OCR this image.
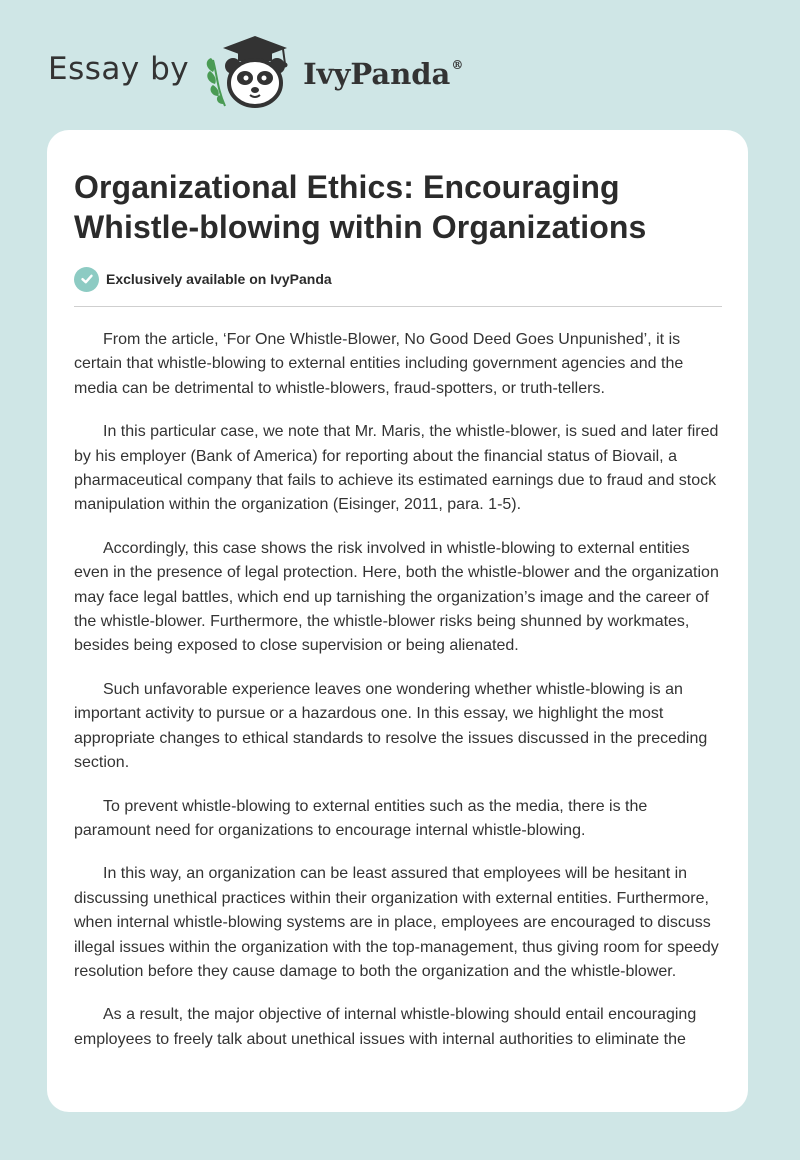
Essay by	IvyPanda®
Organizational Ethics: Encouraging Whistle-blowing within Organizations
Exclusively available on IvyPanda

From the article, ‘For One Whistle-Blower, No Good Deed Goes Unpunished’, it is certain that whistle-blowing to external entities including government agencies and the media can be detrimental to whistle-blowers, fraud-spotters, or truth-tellers.

In this particular case, we note that Mr. Maris, the whistle-blower, is sued and later fired by his employer (Bank of America) for reporting about the financial status of Biovail, a pharmaceutical company that fails to achieve its estimated earnings due to fraud and stock manipulation within the organization (Eisinger, 2011, para. 1-5).

Accordingly, this case shows the risk involved in whistle-blowing to external entities even in the presence of legal protection. Here, both the whistle-blower and the organization may face legal battles, which end up tarnishing the organization’s image and the career of the whistle-blower. Furthermore, the whistle-blower risks being shunned by workmates, besides being exposed to close supervision or being alienated.

Such unfavorable experience leaves one wondering whether whistle-blowing is an important activity to pursue or a hazardous one. In this essay, we highlight the most appropriate changes to ethical standards to resolve the issues discussed in the preceding section.

To prevent whistle-blowing to external entities such as the media, there is the paramount need for organizations to encourage internal whistle-blowing.

In this way, an organization can be least assured that employees will be hesitant in discussing unethical practices within their organization with external entities. Furthermore, when internal whistle-blowing systems are in place, employees are encouraged to discuss illegal issues within the organization with the top-management, thus giving room for speedy resolution before they cause damage to both the organization and the whistle-blower.

As a result, the major objective of internal whistle-blowing should entail encouraging employees to freely talk about unethical issues with internal authorities to eliminate the
